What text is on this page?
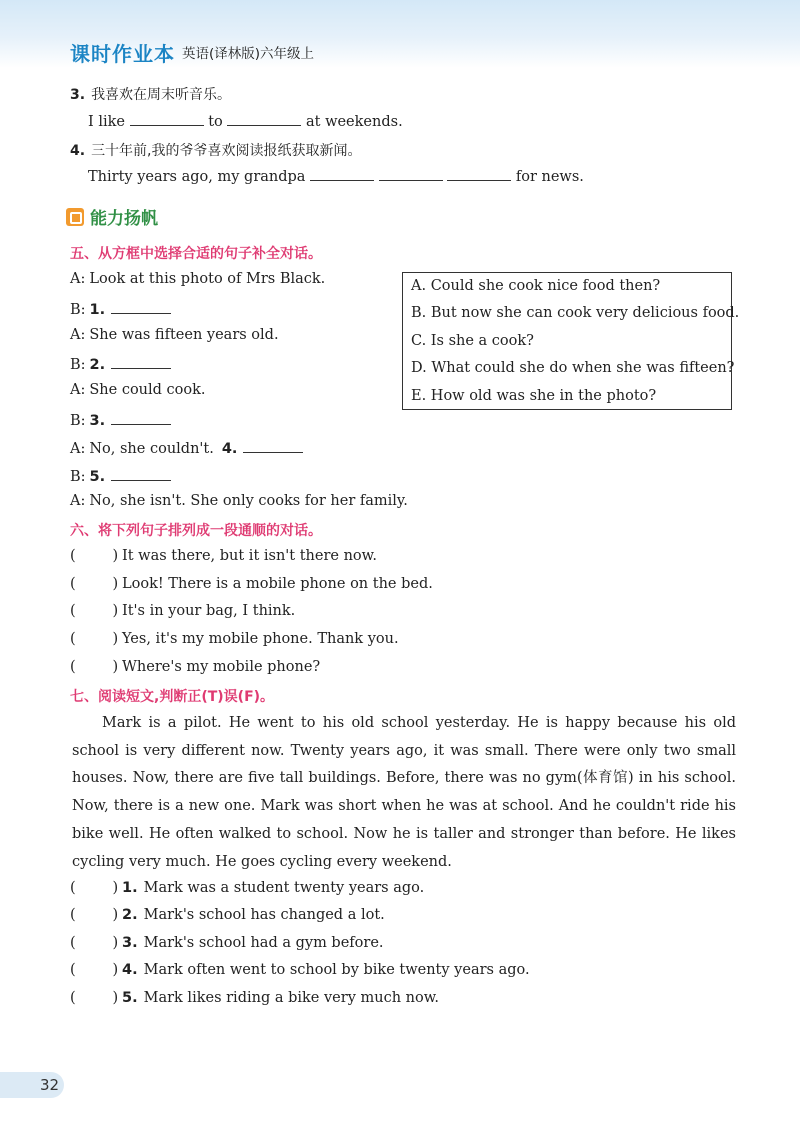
课时作业本 英语(译林版)六年级上
3. 我喜欢在周末听音乐。
I like	to	at weekends.
4. 三十年前,我的爷爷喜欢阅读报纸获取新闻。
Thirty years ago, my grandpa	for news.
能力扬帆
五、从方框中选择合适的句子补全对话。
A: Look at this photo of Mrs Black.
B: 1.
A: She was fifteen years old.
B: 2.
A: She could cook.
B: 3.
A: No, she couldn't. 4.
B: 5.
A: No, she isn't. She only cooks for her family.
A. Could she cook nice food then?
B. But now she can cook very delicious food.
C. Is she a cook?
D. What could she do when she was fifteen?
E. How old was she in the photo?
六、将下列句子排列成一段通顺的对话。
(        ) It was there, but it isn't there now.
(        ) Look! There is a mobile phone on the bed.
(        ) It's in your bag, I think.
(        ) Yes, it's my mobile phone. Thank you.
(        ) Where's my mobile phone?
七、阅读短文,判断正(T)误(F)。

Mark is a pilot. He went to his old school yesterday. He is happy because his old school is very different now. Twenty years ago, it was small. There were only two small houses. Now, there are five tall buildings. Before, there was no gym(体育馆) in his school. Now, there is a new one. Mark was short when he was at school. And he couldn't ride his bike well. He often walked to school. Now he is taller and stronger than before. He likes cycling very much. He goes cycling every weekend.

(        ) 1. Mark was a student twenty years ago.
(        ) 2. Mark's school has changed a lot.
(        ) 3. Mark's school had a gym before.
(        ) 4. Mark often went to school by bike twenty years ago.
(        ) 5. Mark likes riding a bike very much now.
32
